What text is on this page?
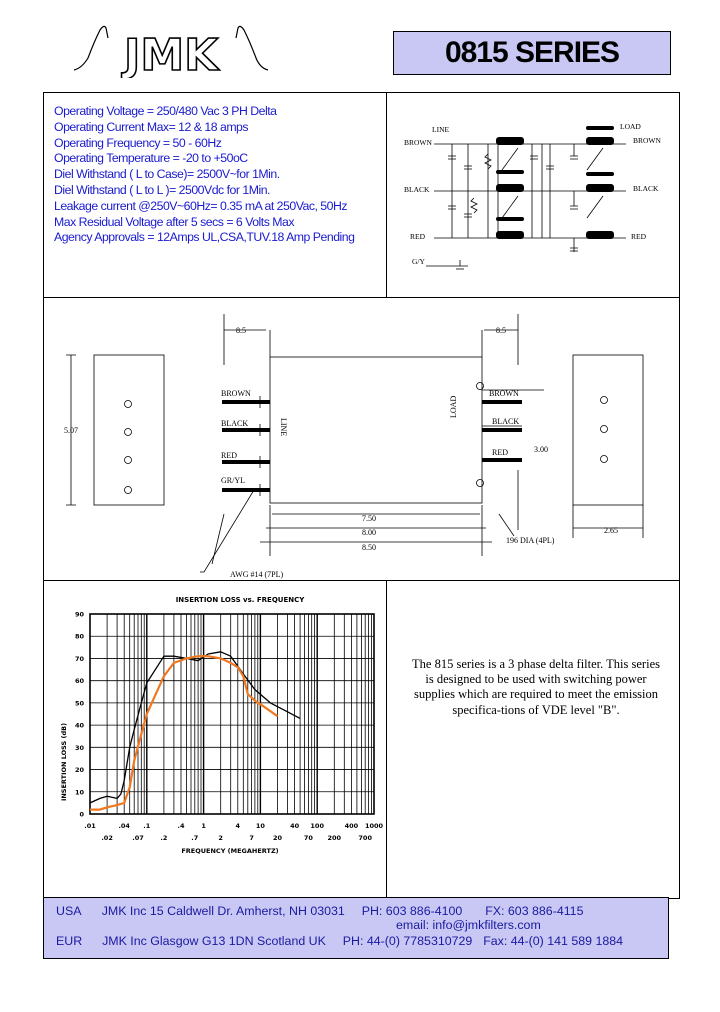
JMK	0815 SERIES
Operating Voltage = 250/480 Vac 3 PH Delta
Operating Current Max= 12 & 18 amps
Operating Frequency = 50 - 60Hz
Operating Temperature = -20 to +50oC
Diel Withstand ( L to Case)= 2500V~for 1Min.
Diel Withstand ( L to L )= 2500Vdc for 1Min.
Leakage current @250V~60Hz= 0.35 mA at 250Vac, 50Hz
Max Residual Voltage after 5 secs = 6 Volts Max
Agency Approvals = 12Amps UL,CSA,TUV.18 Amp Pending
LINE	LOAD
BROWN
BLACK
RED
BROWN
BLACK
RED
G/Y
8.5	8.5
5.07
7.50
8.00
8.50
2.65
3.00
196 DIA (4PL)
AWG #14 (7PL)
BROWN
BLACK
RED
GR/YL
BROWN
BLACK
RED
LINE
LOAD
INSERTION LOSS vs. FREQUENCY
INSERTION LOSS (dB)
FREQUENCY (MEGAHERTZ)
0
10
20
30
40
50
60
70
80
90
.01
.02
.04
.07
.1
.2
.4
.7
1
2
4
7
10
20
40
70
100
200
400
700
1000
The 815 series is a 3 phase delta filter. This series is designed to be used with switching power supplies which are required to meet the emission specifica-tions of VDE level "B".
USA JMK Inc 15 Caldwell Dr. Amherst, NH 03031 PH: 603 886-4100 FX: 603 886-4115
email: info@jmkfilters.com
EUR JMK Inc Glasgow G13 1DN Scotland UK PH: 44-(0) 7785310729 Fax: 44-(0) 141 589 1884
